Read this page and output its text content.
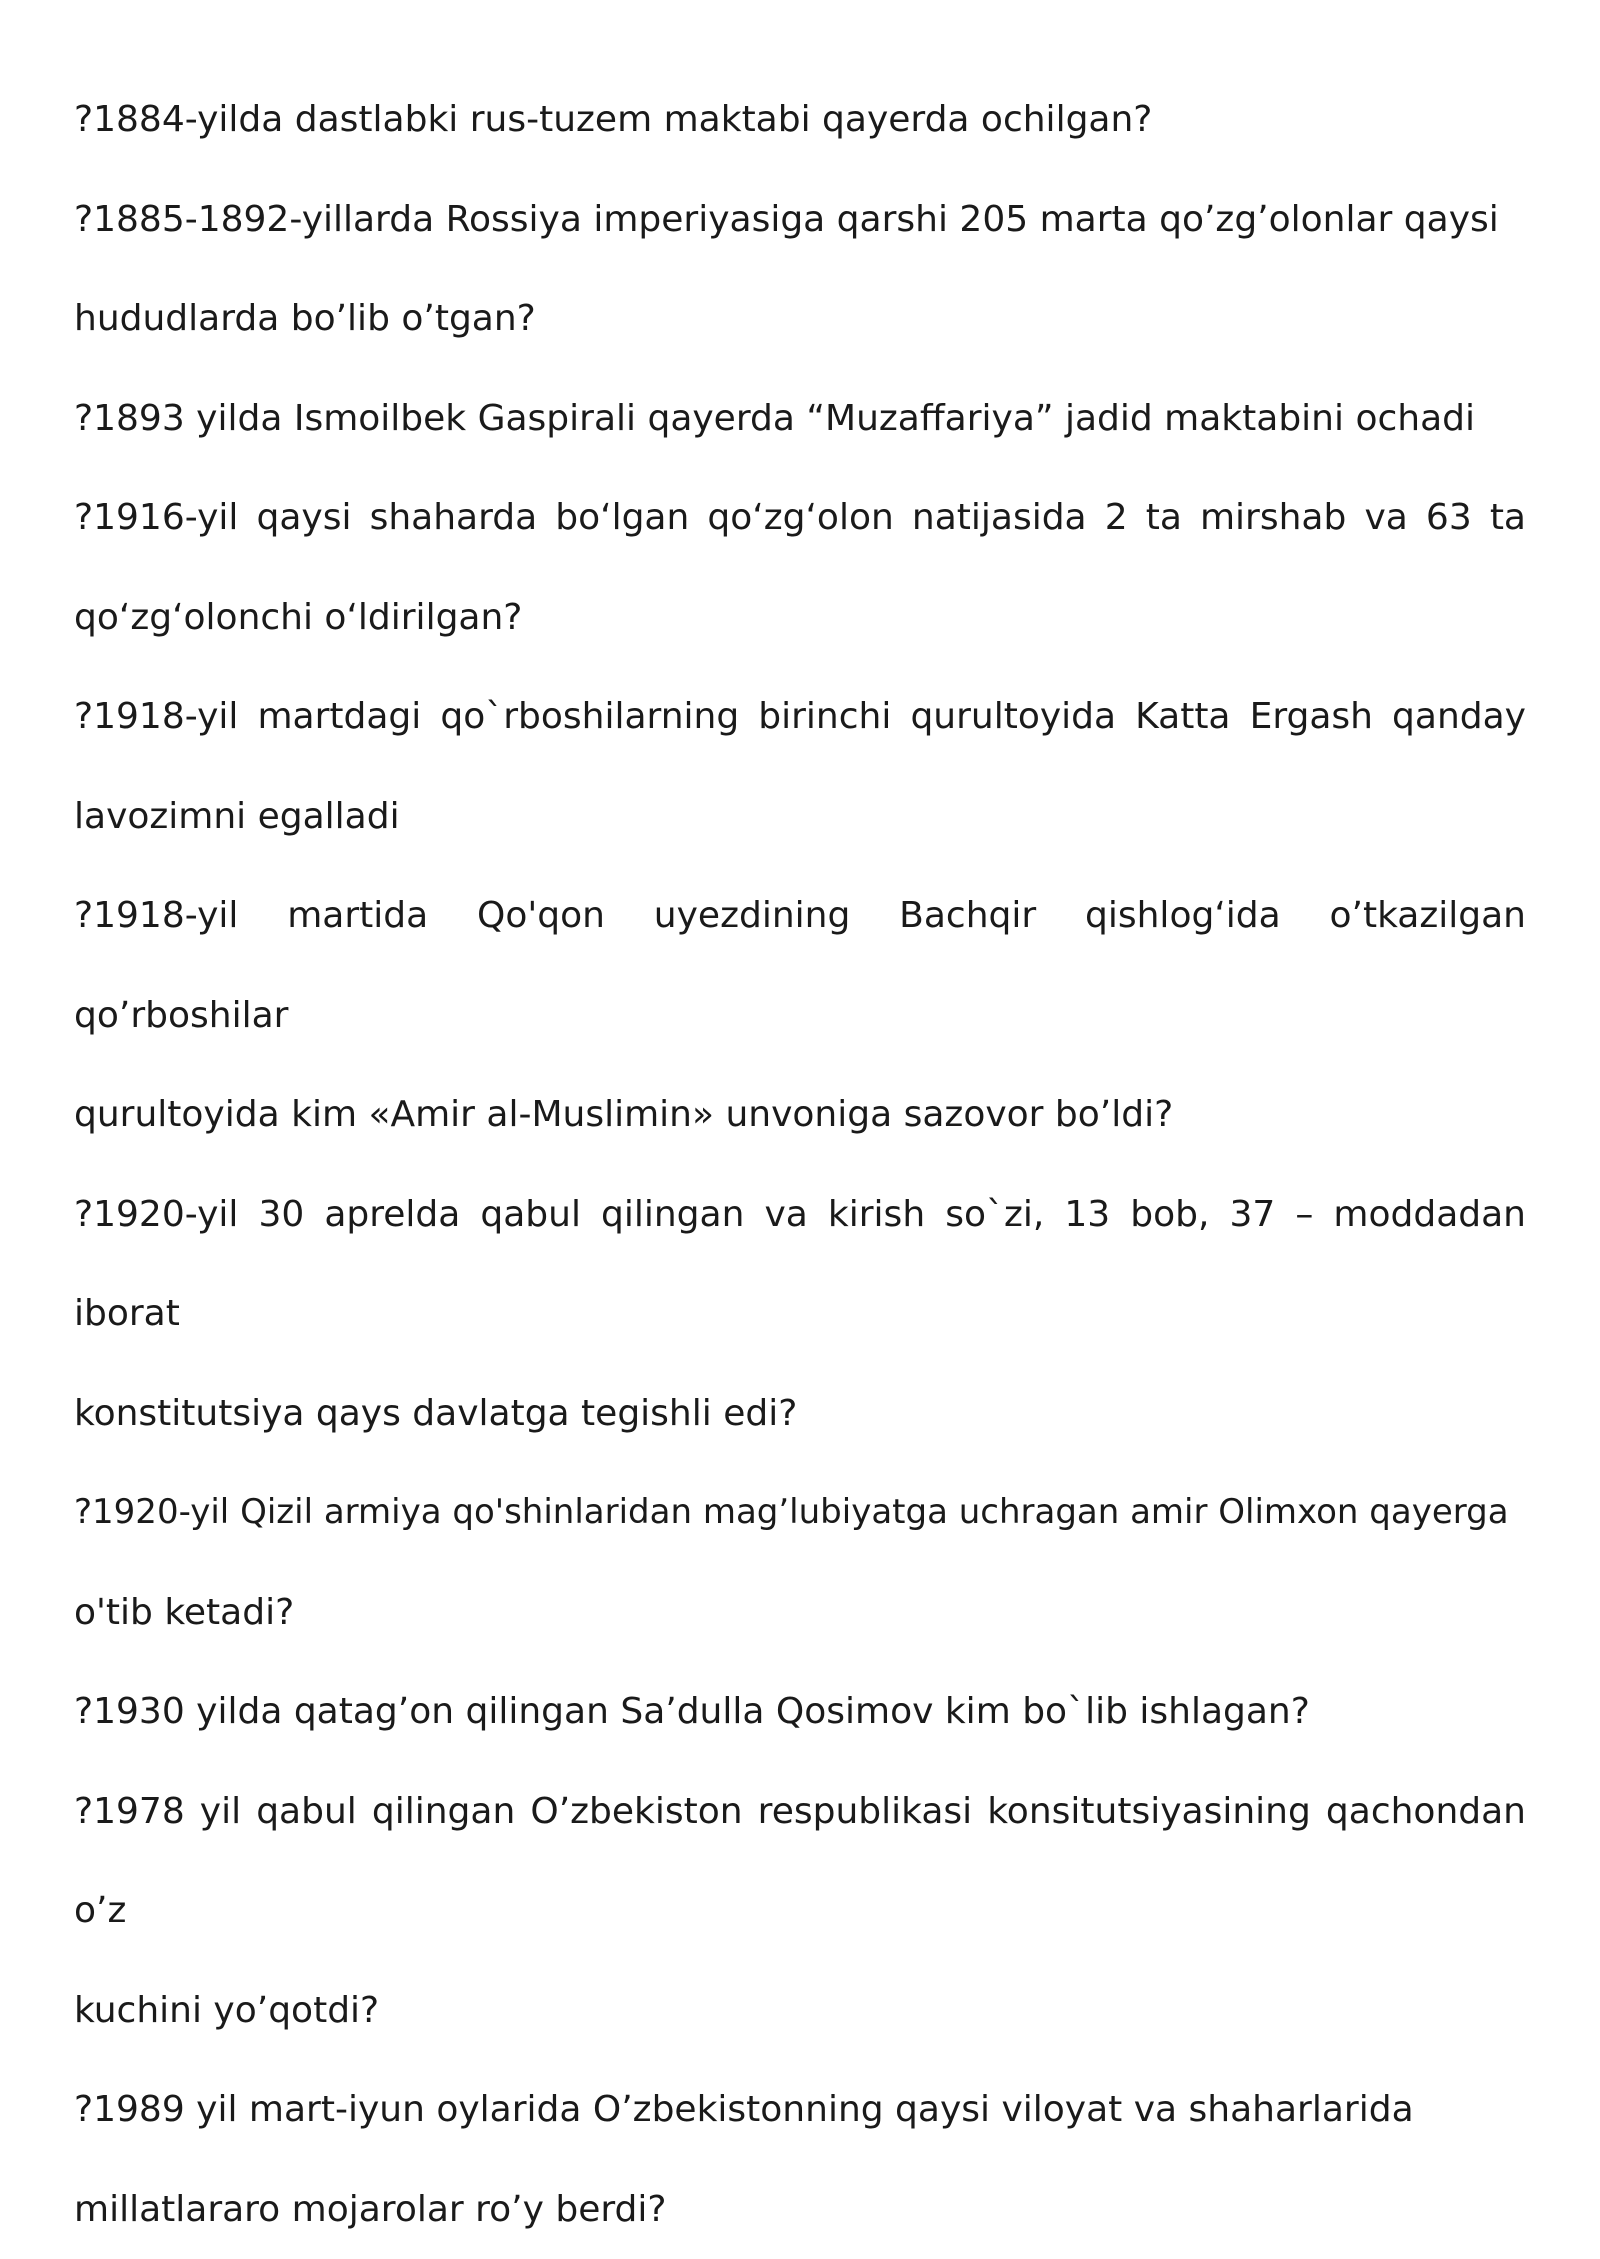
?1884-yilda dastlabki rus-tuzem maktabi qayerda ochilgan?

?1885-1892-yillarda Rossiya imperiyasiga qarshi 205 marta qo’zg’olonlar qaysi
hududlarda bo’lib o’tgan?

?1893 yilda Ismoilbek Gaspirali qayerda “Muzaffariya” jadid maktabini ochadi

?1916-yil qaysi shaharda bo‘lgan qo‘zg‘olon natijasida 2 ta mirshab va 63 ta
qo‘zg‘olonchi o‘ldirilgan?

?1918-yil martdagi qo`rboshilarning birinchi qurultoyida Katta Ergash qanday
lavozimni egalladi

?1918-yil martida Qo'qon uyezdining Bachqir qishlog‘ida o’tkazilgan qo’rboshilar
qurultoyida kim «Amir al-Muslimin» unvoniga sazovor bo’ldi?

?1920-yil 30 aprelda qabul qilingan va kirish so`zi, 13 bob, 37 – moddadan iborat
konstitutsiya qays davlatga tegishli edi?

?1920-yil Qizil armiya qo'shinlaridan mag’lubiyatga uchragan amir Olimxon qayerga
o'tib ketadi?

?1930 yilda qatag’on qilingan Sa’dulla Qosimov kim bo`lib ishlagan?

?1978 yil qabul qilingan O’zbekiston respublikasi konsitutsiyasining qachondan o’z
kuchini yo’qotdi?

?1989 yil mart-iyun oylarida O’zbekistonning qaysi viloyat va shaharlarida
millatlararo mojarolar ro’y berdi?
